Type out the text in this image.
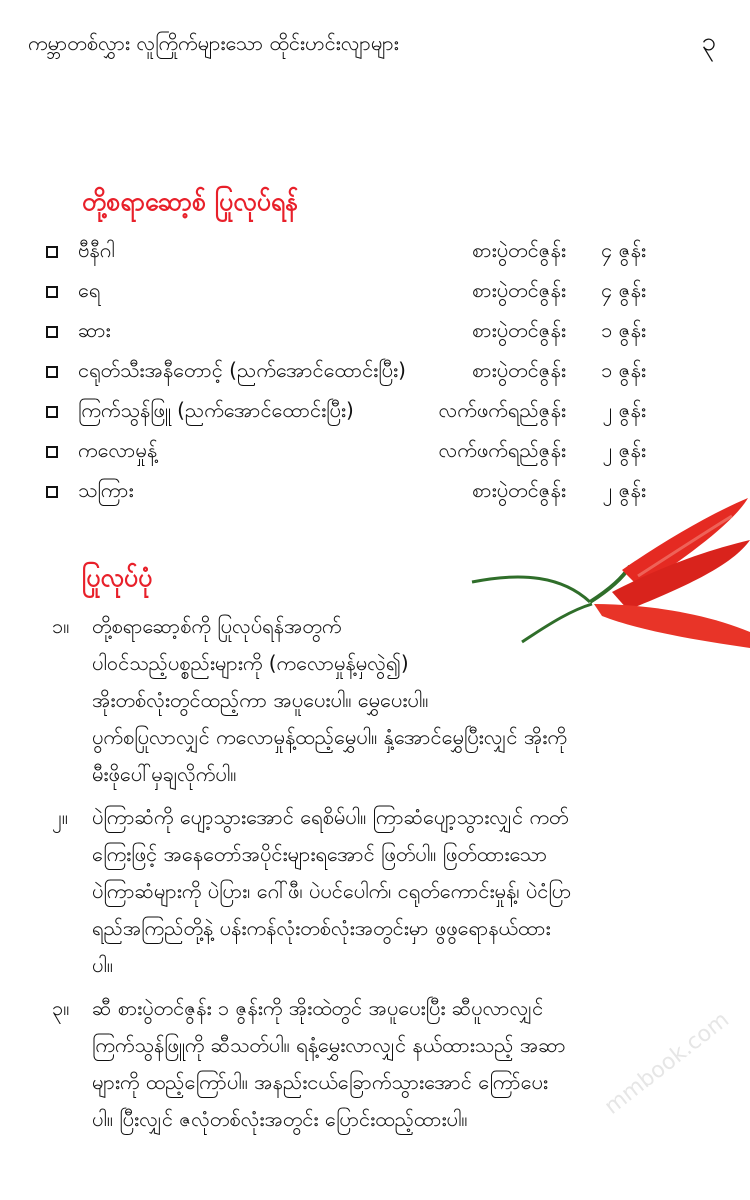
ကမ္ဘာတစ်လွှား လူကြိုက်များသော ထိုင်းဟင်းလျာများ	၃
တို့စရာဆော့စ် ပြုလုပ်ရန်
ဗီနီဂါ	စားပွဲတင်ဇွန်း	၄ ဇွန်း
ရေ	စားပွဲတင်ဇွန်း	၄ ဇွန်း
ဆား	စားပွဲတင်ဇွန်း	၁ ဇွန်း
ငရုတ်သီးအနီတောင့် (ညက်အောင်ထောင်းပြီး)	စားပွဲတင်ဇွန်း	၁ ဇွန်း
ကြက်သွန်ဖြူ (ညက်အောင်ထောင်းပြီး)	လက်ဖက်ရည်ဇွန်း	၂ ဇွန်း
ကလောမှုန့်	လက်ဖက်ရည်ဇွန်း	၂ ဇွန်း
သကြား	စားပွဲတင်ဇွန်း	၂ ဇွန်း
ပြုလုပ်ပုံ
၁။	တို့စရာဆော့စ်ကို ပြုလုပ်ရန်အတွက်
ပါဝင်သည့်ပစ္စည်းများကို (ကလောမှုန့်မှလွဲ၍)
အိုးတစ်လုံးတွင်ထည့်ကာ အပူပေးပါ။ မွှေပေးပါ။
ပွက်စပြုလာလျှင် ကလောမှုန့်ထည့်မွှေပါ။ နှံ့အောင်မွှေပြီးလျှင် အိုးကို
မီးဖိုပေါ်မှချလိုက်ပါ။
၂။	ပဲကြာဆံကို ပျော့သွားအောင် ရေစိမ်ပါ။ ကြာဆံပျော့သွားလျှင် ကတ်
ကြေးဖြင့် အနေတော်အပိုင်းများရအောင် ဖြတ်ပါ။ ဖြတ်ထားသော
ပဲကြာဆံများကို ပဲပြား၊ ဂေါ်ဖီ၊ ပဲပင်ပေါက်၊ ငရုတ်ကောင်းမှုန့်၊ ပဲငံပြာ
ရည်အကြည်တို့နဲ့ ပန်းကန်လုံးတစ်လုံးအတွင်းမှာ ဖွဖွရောနယ်ထား
ပါ။
၃။	ဆီ စားပွဲတင်ဇွန်း ၁ ဇွန်းကို အိုးထဲတွင် အပူပေးပြီး ဆီပူလာလျှင်
ကြက်သွန်ဖြူကို ဆီသတ်ပါ။ ရနံ့မွှေးလာလျှင် နယ်ထားသည့် အဆာ
များကို ထည့်ကြော်ပါ။ အနည်းငယ်ခြောက်သွားအောင် ကြော်ပေး
ပါ။ ပြီးလျှင် ဇလုံတစ်လုံးအတွင်း ပြောင်းထည့်ထားပါ။	mmbook.com
